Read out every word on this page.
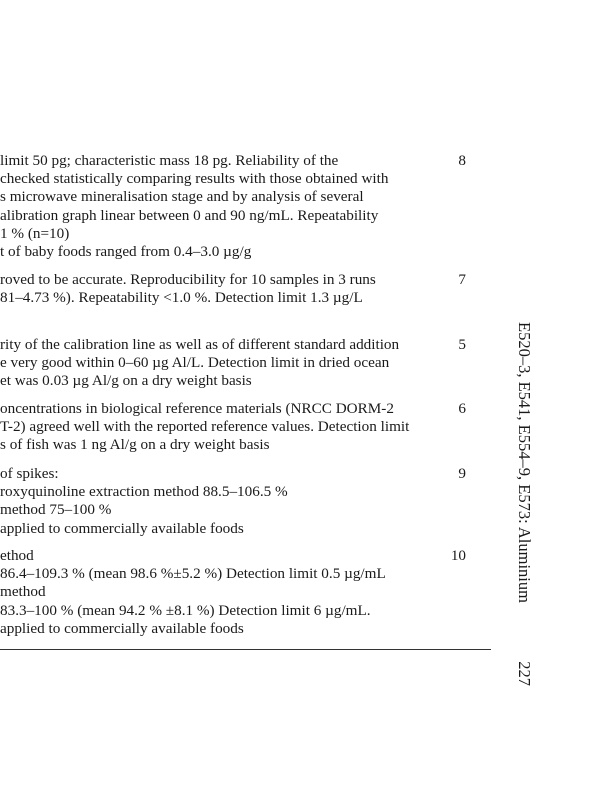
limit 50 pg; characteristic mass 18 pg. Reliability of the
checked statistically comparing results with those obtained with
s microwave mineralisation stage and by analysis of several
alibration graph linear between 0 and 90 ng/mL. Repeatability
1 % (n=10)
t of baby foods ranged from 0.4–3.0 µg/g
8
roved to be accurate. Reproducibility for 10 samples in 3 runs
81–4.73 %). Repeatability <1.0 %. Detection limit 1.3 µg/L
7
rity of the calibration line as well as of different standard addition
e very good within 0–60 µg Al/L. Detection limit in dried ocean
et was 0.03 µg Al/g on a dry weight basis
5
oncentrations in biological reference materials (NRCC DORM-2
T-2) agreed well with the reported reference values. Detection limit
s of fish was 1 ng Al/g on a dry weight basis
6
of spikes:
roxyquinoline extraction method 88.5–106.5 %
method 75–100 %
applied to commercially available foods
9
ethod
86.4–109.3 % (mean 98.6 %±5.2 %) Detection limit 0.5 µg/mL
method
83.3–100 % (mean 94.2 % ±8.1 %) Detection limit 6 µg/mL.
applied to commercially available foods
10	E520–3, E541, E554–9, E573: Aluminium
227
